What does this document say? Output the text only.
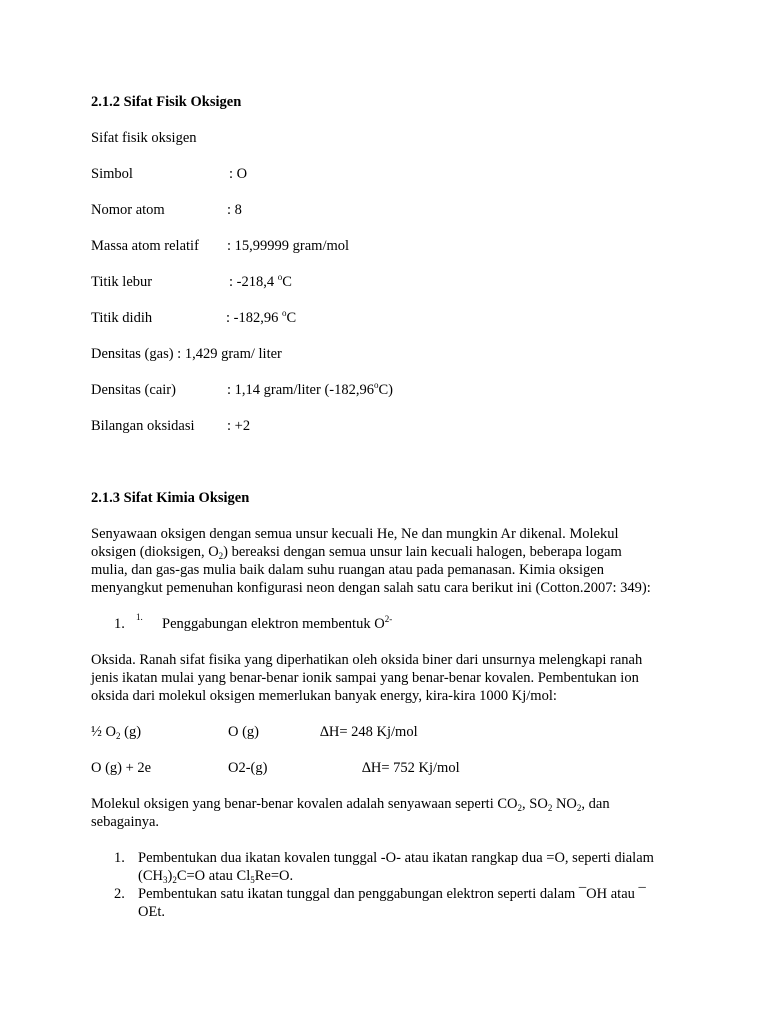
2.1.2 Sifat Fisik Oksigen
Sifat fisik oksigen
Simbol	: O
Nomor atom	: 8
Massa atom relatif : 15,99999 gram/mol
Titik lebur	: -218,4 $^o$C
Titik didih	: -182,96 $^o$C
Densitas (gas) : 1,429 gram/ liter
Densitas (cair)	: 1,14 gram/liter (-182,96$^o$C)
Bilangan oksidasi : +2
2.1.3 Sifat Kimia Oksigen
Senyawaan oksigen dengan semua unsur kecuali He, Ne dan mungkin Ar dikenal. Molekul
oksigen (dioksigen, $O_2$) bereaksi dengan semua unsur lain kecuali halogen, beberapa logam
mulia, dan gas-gas mulia baik dalam suhu ruangan atau pada pemanasan. Kimia oksigen
menyangkut pemenuhan konfigurasi neon dengan salah satu cara berikut ini (Cotton.2007: 349):
1. 1. Penggabungan elektron membentuk $O^{2-}$
Oksida. Ranah sifat fisika yang diperhatikan oleh oksida biner dari unsurnya melengkapi ranah
jenis ikatan mulai yang benar-benar ionik sampai yang benar-benar kovalen. Pembentukan ion
oksida dari molekul oksigen memerlukan banyak energy, kira-kira 1000 Kj/mol:
½ $O_2$ (g)	O (g)	∆H= 248 Kj/mol
O (g) + 2e	O2-(g)	∆H= 752 Kj/mol
Molekul oksigen yang benar-benar kovalen adalah senyawaan seperti $CO_2$, $SO_2$ $NO_2$, dan
sebagainya.
1. Pembentukan dua ikatan kovalen tunggal -O- atau ikatan rangkap dua =O, seperti dialam
$(CH_3)_2C=O$ atau $Cl_5Re=O$.
2. Pembentukan satu ikatan tunggal dan penggabungan elektron seperti dalam ¯OH atau ¯
OEt.
